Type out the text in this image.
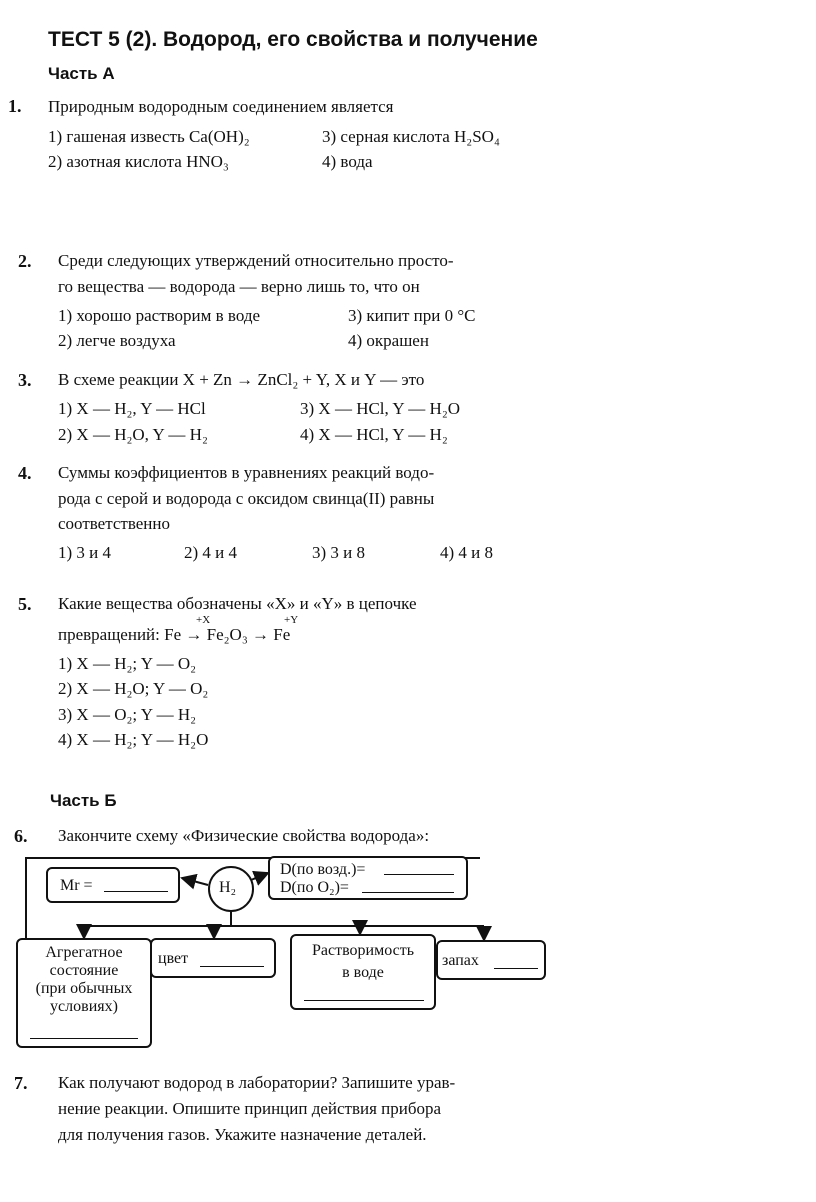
ТЕСТ 5 (2). Водород, его свойства и получение
Часть А
1. Природным водородным соединением является
1) гашеная известь Ca(OH)₂
2) азотная кислота HNO₃
3) серная кислота H₂SO₄
4) вода
2. Среди следующих утверждений относительно просто-
го вещества — водорода — верно лишь то, что он
1) хорошо растворим в воде
2) легче воздуха
3) кипит при 0 °С
4) окрашен
3. В схеме реакции X + Zn → ZnCl₂ + Y, X и Y — это
1) X — H₂, Y — HCl
2) X — H₂O, Y — H₂
3) X — HCl, Y — H₂O
4) X — HCl, Y — H₂
4. Суммы коэффициентов в уравнениях реакций водо-
рода с серой и водорода с оксидом свинца(II) равны
соответственно
1) 3 и 4	2) 4 и 4	3) 3 и 8	4) 4 и 8
5. Какие вещества обозначены «X» и «Y» в цепочке
+X	+Y
превращений: Fe → Fe₂O₃ → Fe
1) X — H₂; Y — O₂
2) X — H₂O; Y — O₂
3) X — O₂; Y — H₂
4) X — H₂; Y — H₂O
Часть Б
6. Закончите схему «Физические свойства водорода»:
H₂
Mr =
D(по возд.)=
D(по O₂)=
Агрегатное
состояние
(при обычных
условиях)
цвет	Растворимость
в воде
запах
7. Как получают водород в лаборатории? Запишите урав-
нение реакции. Опишите принцип действия прибора
для получения газов. Укажите назначение деталей.
